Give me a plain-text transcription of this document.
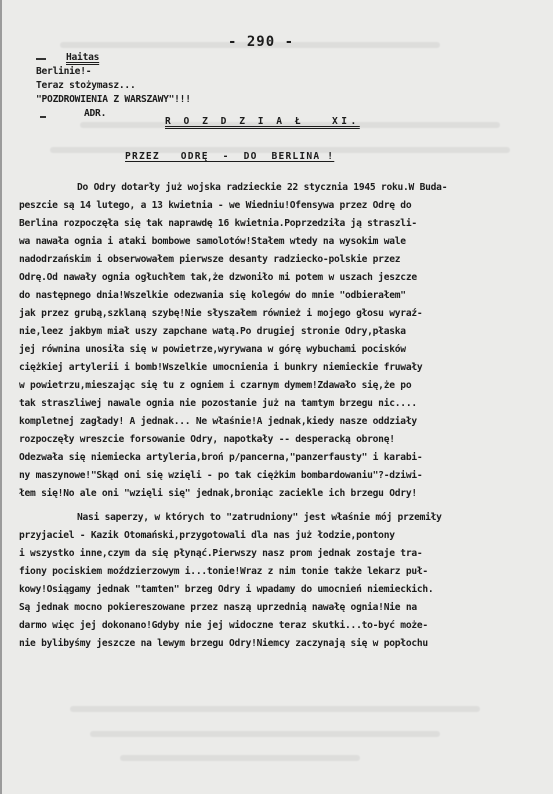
- 290 -
Haitas
Berlinie!-
Teraz stożymasz...
"POZDROWIENIA Z WARSZAWY"!!!
ADR.
R O Z D Z I A Ł   XI.
PRZEZ   ODRĘ  -  DO  BERLINA !
Do Odry dotarły już wojska radzieckie 22 stycznia 1945 roku.W Buda-
peszcie są 14 lutego, a 13 kwietnia - we Wiedniu!Ofensywa przez Odrę do
Berlina rozpoczęła się tak naprawdę 16 kwietnia.Poprzedziła ją straszli-
wa nawała ognia i ataki bombowe samolotów!Stałem wtedy na wysokim wale
nadodrzańskim i obserwowałem pierwsze desanty radziecko-polskie przez
Odrę.Od nawały ognia ogłuchłem tak,że dzwoniło mi potem w uszach jeszcze
do następnego dnia!Wszelkie odezwania się kolegów do mnie "odbierałem"
jak przez grubą,szklaną szybę!Nie słyszałem również i mojego głosu wyraź-
nie,leez jakbym miał uszy zapchane watą.Po drugiej stronie Odry,płaska
jej równina unosiła się w powietrze,wyrywana w górę wybuchami pocisków
ciężkiej artylerii i bomb!Wszelkie umocnienia i bunkry niemieckie fruwały
w powietrzu,mieszając się tu z ogniem i czarnym dymem!Zdawało się,że po
tak straszliwej nawale ognia nie pozostanie już na tamtym brzegu nic....
kompletnej zagłady! A jednak... Ne właśnie!A jednak,kiedy nasze oddziały
rozpoczęły wreszcie forsowanie Odry, napotkały -- desperacką obronę!
Odezwała się niemiecka artyleria,broń p/pancerna,"panzerfausty" i karabi-
ny maszynowe!"Skąd oni się wzięli - po tak ciężkim bombardowaniu"?-dziwi-
łem się!No ale oni "wzięli się" jednak,broniąc zaciekle ich brzegu Odry!
Nasi saperzy, w których to "zatrudniony" jest właśnie mój przemiły
przyjaciel - Kazik Otomański,przygotowali dla nas już łodzie,pontony
i wszystko inne,czym da się płynąć.Pierwszy nasz prom jednak zostaje tra-
fiony pociskiem moździerzowym i...tonie!Wraz z nim tonie także lekarz puł-
kowy!Osiągamy jednak "tamten" brzeg Odry i wpadamy do umocnień niemieckich.
Są jednak mocno pokiereszowane przez naszą uprzednią nawałę ognia!Nie na
darmo więc jej dokonano!Gdyby nie jej widoczne teraz skutki...to-być może-
nie bylibyśmy jeszcze na lewym brzegu Odry!Niemcy zaczynają się w popłochu
